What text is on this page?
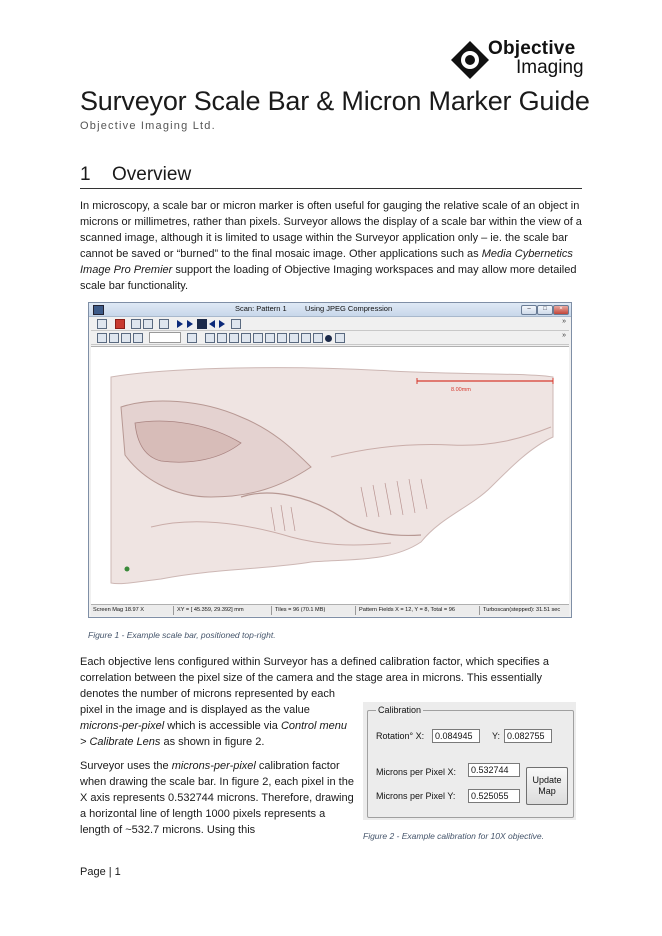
Objective
Imaging
Surveyor Scale Bar & Micron Marker Guide
Objective Imaging Ltd.
1 Overview

In microscopy, a scale bar or micron marker is often useful for gauging the relative scale of an object in microns or millimetres, rather than pixels. Surveyor allows the display of a scale bar within the view of a scanned image, although it is limited to usage within the Surveyor application only – ie. the scale bar cannot be saved or “burned” to the final mosaic image. Other applications such as Media Cybernetics Image Pro Premier support the loading of Objective Imaging workspaces and may allow more detailed scale bar functionality.

Scan: Pattern 1 Using JPEG Compression	–	□	×
»
»
8.00mm
Screen Mag 18.97 X	XY = [ 45.359, 29.392] mm	Tiles = 96 (70.1 MB)	Pattern Fields X = 12, Y = 8, Total = 96	Turboscan(stepped): 31.51 sec
Figure 1 - Example scale bar, positioned top-right.

Each objective lens configured within Surveyor has a defined calibration factor, which specifies a correlation between the pixel size of the camera and the stage area in microns. This essentially

denotes the number of microns represented by each pixel in the image and is displayed as the value microns-per-pixel which is accessible via Control menu > Calibrate Lens as shown in figure 2.

Calibration
Rotation° X:
0.084945	Y:
0.082755
Microns per Pixel X:
0.532744
Microns per Pixel Y:
0.525055
Update Map
Figure 2 - Example calibration for 10X objective.

Surveyor uses the microns-per-pixel calibration factor when drawing the scale bar. In figure 2, each pixel in the X axis represents 0.532744 microns. Therefore, drawing a horizontal line of length 1000 pixels represents a length of ~532.7 microns. Using this

Page | 1
